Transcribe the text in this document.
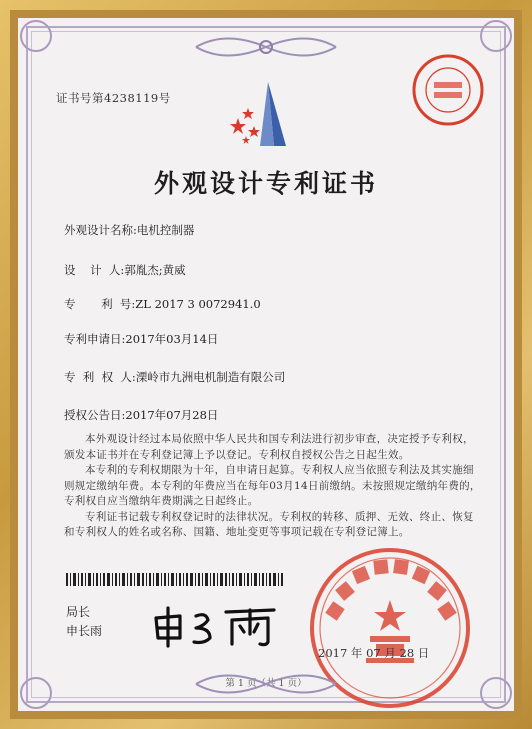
证书号第4238119号
外观设计专利证书
外观设计名称:电机控制器
设    计  人:郭胤杰;黄威
专       利  号:ZL 2017 3 0072941.0
专利申请日:2017年03月14日
专  利  权  人:溧岭市九洲电机制造有限公司
授权公告日:2017年07月28日

本外观设计经过本局依照中华人民共和国专利法进行初步审查，决定授予专利权，颁发本证书并在专利登记簿上予以登记。专利权自授权公告之日起生效。

本专利的专利权期限为十年，自申请日起算。专利权人应当依照专利法及其实施细则规定缴纳年费。本专利的年费应当在每年03月14日前缴纳。未按照规定缴纳年费的，专利权自应当缴纳年费期满之日起终止。

专利证书记载专利权登记时的法律状况。专利权的转移、质押、无效、终止、恢复和专利权人的姓名或名称、国籍、地址变更等事项记载在专利登记簿上。

局长
申长雨
2017 年 07 月 28 日
第 1 页（共 1 页）
